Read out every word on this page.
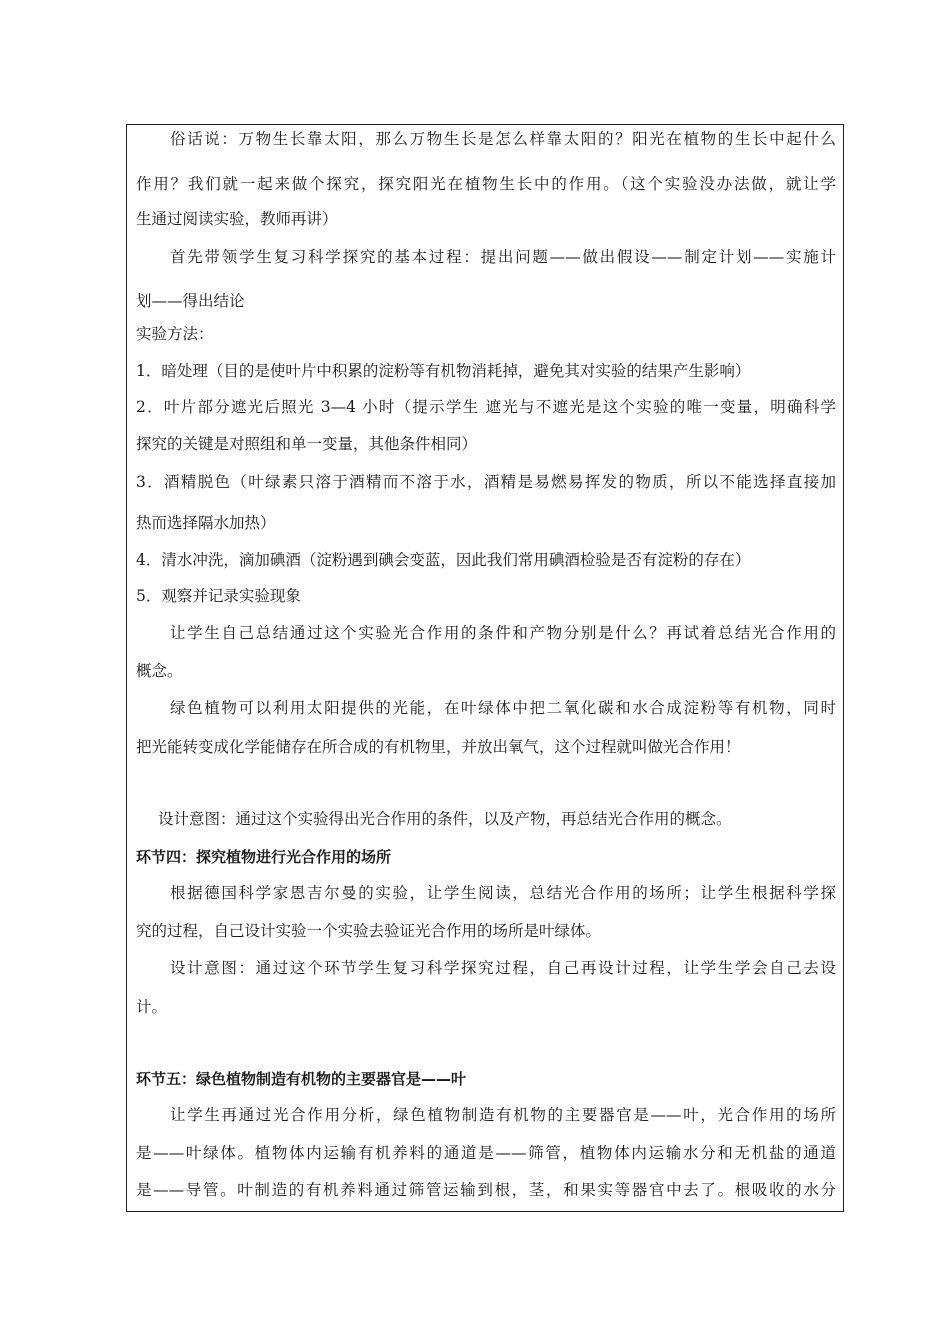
俗话说：万物生长靠太阳，那么万物生长是怎么样靠太阳的？阳光在植物的生长中起什么
作用？我们就一起来做个探究，探究阳光在植物生长中的作用。（这个实验没办法做，就让学
生通过阅读实验，教师再讲）
首先带领学生复习科学探究的基本过程：提出问题——做出假设——制定计划——实施计
划——得出结论
实验方法：
1．暗处理（目的是使叶片中积累的淀粉等有机物消耗掉，避免其对实验的结果产生影响）
2．叶片部分遮光后照光 3—4 小时（提示学生 遮光与不遮光是这个实验的唯一变量，明确科学
探究的关键是对照组和单一变量，其他条件相同）
3．酒精脱色（叶绿素只溶于酒精而不溶于水，酒精是易燃易挥发的物质，所以不能选择直接加
热而选择隔水加热）
4．清水冲洗，滴加碘酒（淀粉遇到碘会变蓝，因此我们常用碘酒检验是否有淀粉的存在）
5．观察并记录实验现象
让学生自己总结通过这个实验光合作用的条件和产物分别是什么？再试着总结光合作用的
概念。
绿色植物可以利用太阳提供的光能，在叶绿体中把二氧化碳和水合成淀粉等有机物，同时
把光能转变成化学能储存在所合成的有机物里，并放出氧气，这个过程就叫做光合作用！
设计意图：通过这个实验得出光合作用的条件，以及产物，再总结光合作用的概念。
环节四：探究植物进行光合作用的场所
根据德国科学家恩吉尔曼的实验，让学生阅读，总结光合作用的场所；让学生根据科学探
究的过程，自己设计实验一个实验去验证光合作用的场所是叶绿体。
设计意图：通过这个环节学生复习科学探究过程，自己再设计过程，让学生学会自己去设
计。
环节五：绿色植物制造有机物的主要器官是——叶
让学生再通过光合作用分析，绿色植物制造有机物的主要器官是——叶，光合作用的场所
是——叶绿体。植物体内运输有机养料的通道是——筛管，植物体内运输水分和无机盐的通道
是——导管。叶制造的有机养料通过筛管运输到根，茎，和果实等器官中去了。根吸收的水分
